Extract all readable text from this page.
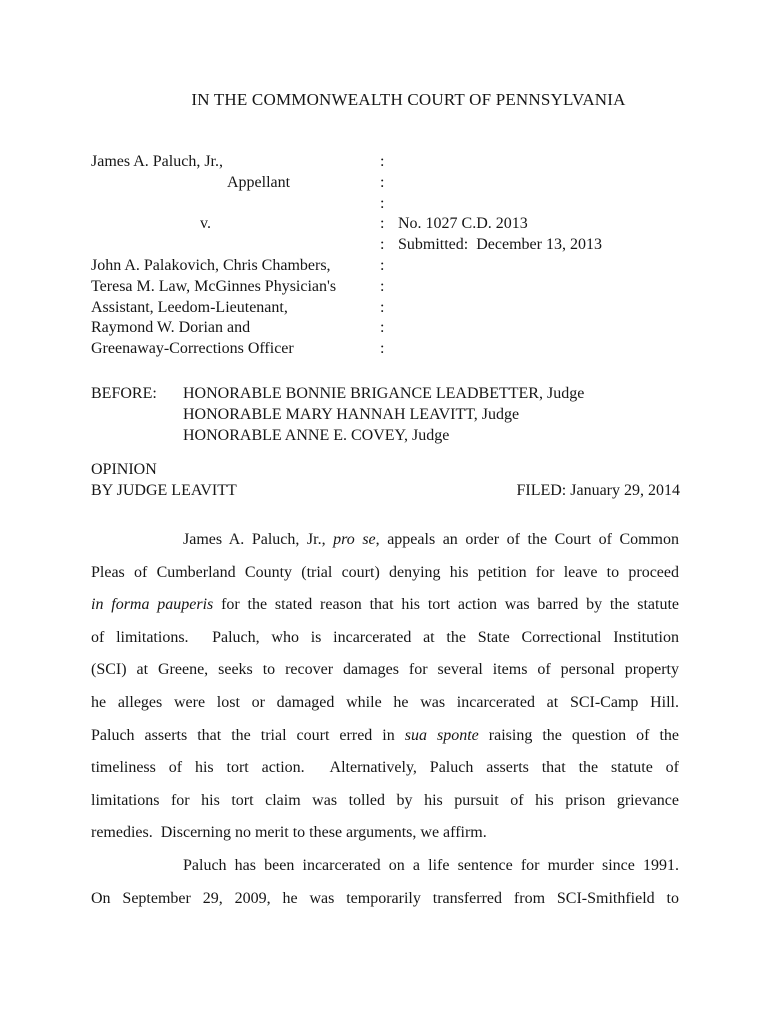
IN THE COMMONWEALTH COURT OF PENNSYLVANIA
James A. Paluch, Jr.,	:
Appellant	:
:
v.	: No. 1027 C.D. 2013
: Submitted:  December 13, 2013
John A. Palakovich, Chris Chambers,	:
Teresa M. Law, McGinnes Physician's	:
Assistant, Leedom-Lieutenant,	:
Raymond W. Dorian and	:
Greenaway-Corrections Officer	:
BEFORE:	HONORABLE BONNIE BRIGANCE LEADBETTER, Judge
HONORABLE MARY HANNAH LEAVITT, Judge
HONORABLE ANNE E. COVEY, Judge
OPINION
BY JUDGE LEAVITT	FILED: January 29, 2014
James A. Paluch, Jr., pro se, appeals an order of the Court of Common
Pleas of Cumberland County (trial court) denying his petition for leave to proceed
in forma pauperis for the stated reason that his tort action was barred by the statute
of limitations.  Paluch, who is incarcerated at the State Correctional Institution
(SCI) at Greene, seeks to recover damages for several items of personal property
he alleges were lost or damaged while he was incarcerated at SCI-Camp Hill.
Paluch asserts that the trial court erred in sua sponte raising the question of the
timeliness of his tort action.  Alternatively, Paluch asserts that the statute of
limitations for his tort claim was tolled by his pursuit of his prison grievance
remedies.  Discerning no merit to these arguments, we affirm.
Paluch has been incarcerated on a life sentence for murder since 1991.
On September 29, 2009, he was temporarily transferred from SCI-Smithfield to
